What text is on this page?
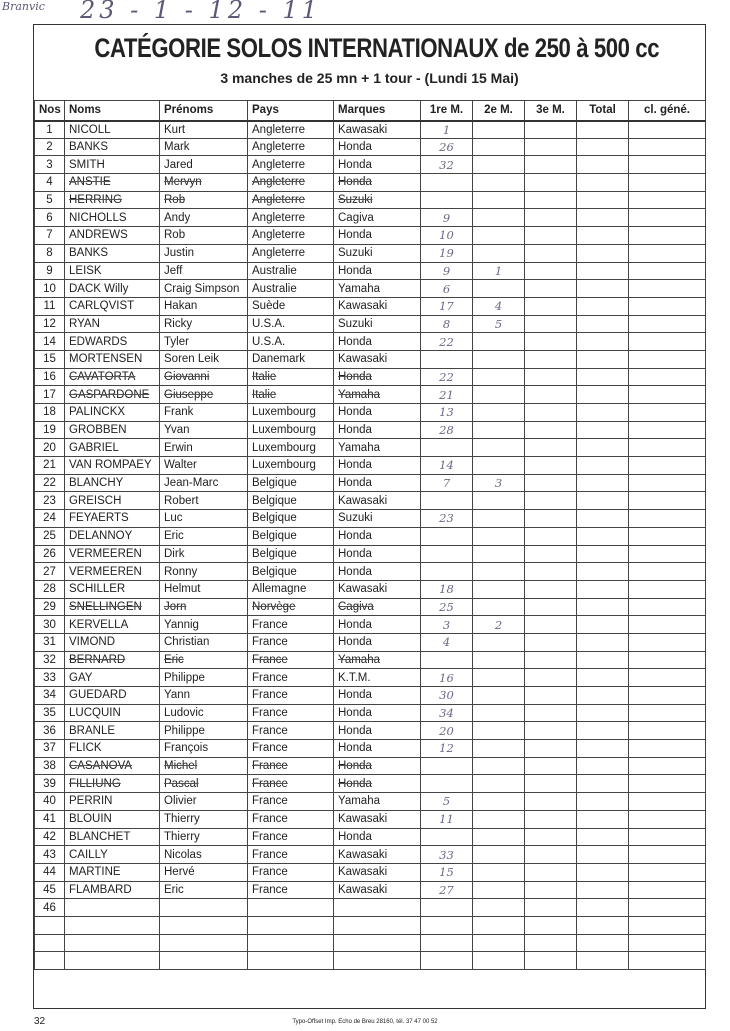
Branvic 23 - 1 - 12 - 11
CATÉGORIE SOLOS INTERNATIONAUX de 250 à 500 cc
3 manches de 25 mn + 1 tour - (Lundi 15 Mai)
Nos	Noms	Prénoms	Pays	Marques	1re M.	2e M.	3e M.	Total	cl. géné.
1	NICOLL	Kurt	Angleterre	Kawasaki	1				
2	BANKS	Mark	Angleterre	Honda	26				
3	SMITH	Jared	Angleterre	Honda	32				
4	ANSTIE	Mervyn	Angleterre	Honda					
5	HERRING	Rob	Angleterre	Suzuki					
6	NICHOLLS	Andy	Angleterre	Cagiva	9				
7	ANDREWS	Rob	Angleterre	Honda	10				
8	BANKS	Justin	Angleterre	Suzuki	19				
9	LEISK	Jeff	Australie	Honda	9	1			
10	DACK Willy	Craig Simpson	Australie	Yamaha	6				
11	CARLQVIST	Hakan	Suède	Kawasaki	17	4			
12	RYAN	Ricky	U.S.A.	Suzuki	8	5			
14	EDWARDS	Tyler	U.S.A.	Honda	22				
15	MORTENSEN	Soren Leik	Danemark	Kawasaki					
16	CAVATORTA	Giovanni	Italie	Honda	22				
17	GASPARDONE	Giuseppe	Italie	Yamaha	21				
18	PALINCKX	Frank	Luxembourg	Honda	13				
19	GROBBEN	Yvan	Luxembourg	Honda	28				
20	GABRIEL	Erwin	Luxembourg	Yamaha					
21	VAN ROMPAEY	Walter	Luxembourg	Honda	14				
22	BLANCHY	Jean-Marc	Belgique	Honda	7	3			
23	GREISCH	Robert	Belgique	Kawasaki					
24	FEYAERTS	Luc	Belgique	Suzuki	23				
25	DELANNOY	Eric	Belgique	Honda					
26	VERMEEREN	Dirk	Belgique	Honda					
27	VERMEEREN	Ronny	Belgique	Honda					
28	SCHILLER	Helmut	Allemagne	Kawasaki	18				
29	SNELLINGEN	Jorn	Norvège	Cagiva	25				
30	KERVELLA	Yannig	France	Honda	3	2			
31	VIMOND	Christian	France	Honda	4				
32	BERNARD	Eric	France	Yamaha					
33	GAY	Philippe	France	K.T.M.	16				
34	GUEDARD	Yann	France	Honda	30				
35	LUCQUIN	Ludovic	France	Honda	34				
36	BRANLE	Philippe	France	Honda	20				
37	FLICK	François	France	Honda	12				
38	CASANOVA	Michel	France	Honda					
39	FILLIUNG	Pascal	France	Honda					
40	PERRIN	Olivier	France	Yamaha	5				
41	BLOUIN	Thierry	France	Kawasaki	11				
42	BLANCHET	Thierry	France	Honda					
43	CAILLY	Nicolas	France	Kawasaki	33				
44	MARTINE	Hervé	France	Kawasaki	15				
45	FLAMBARD	Eric	France	Kawasaki	27				
46									

32	Typo-Offset Imp. Echo de Breu 28160, tél. 37 47 00 52
